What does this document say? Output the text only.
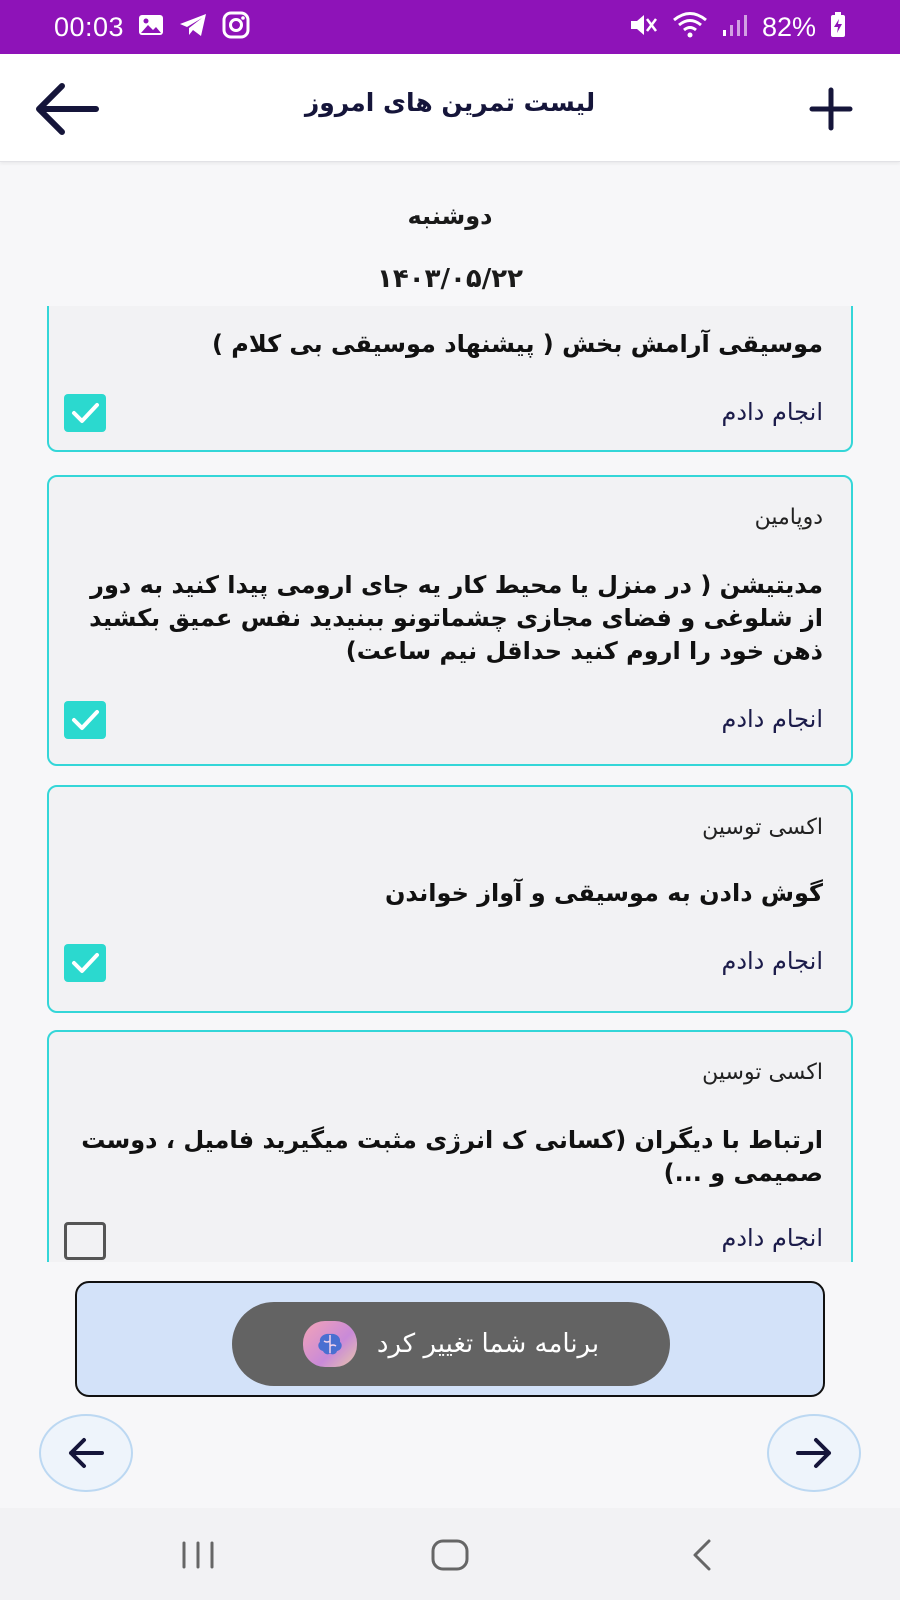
00:03	82%
لیست تمرین های امروز
دوشنبه
۱۴۰۳/۰۵/۲۲
موسیقی آرامش بخش ( پیشنهاد موسیقی بی کلام )
انجام دادم
دوپامین
مدیتیشن ( در منزل یا محیط کار یه جای ارومی پیدا کنید به دور از شلوغی و فضای مجازی چشماتونو ببنیدید نفس عمیق بکشید ذهن خود را اروم کنید حداقل نیم ساعت)
انجام دادم
اکسی توسین
گوش دادن به موسیقی و آواز خواندن
انجام دادم
اکسی توسین
ارتباط با دیگران (کسانی ک انرژی مثبت میگیرید فامیل ، دوست صمیمی و ...)
انجام دادم
برنامه شما تغییر کرد
